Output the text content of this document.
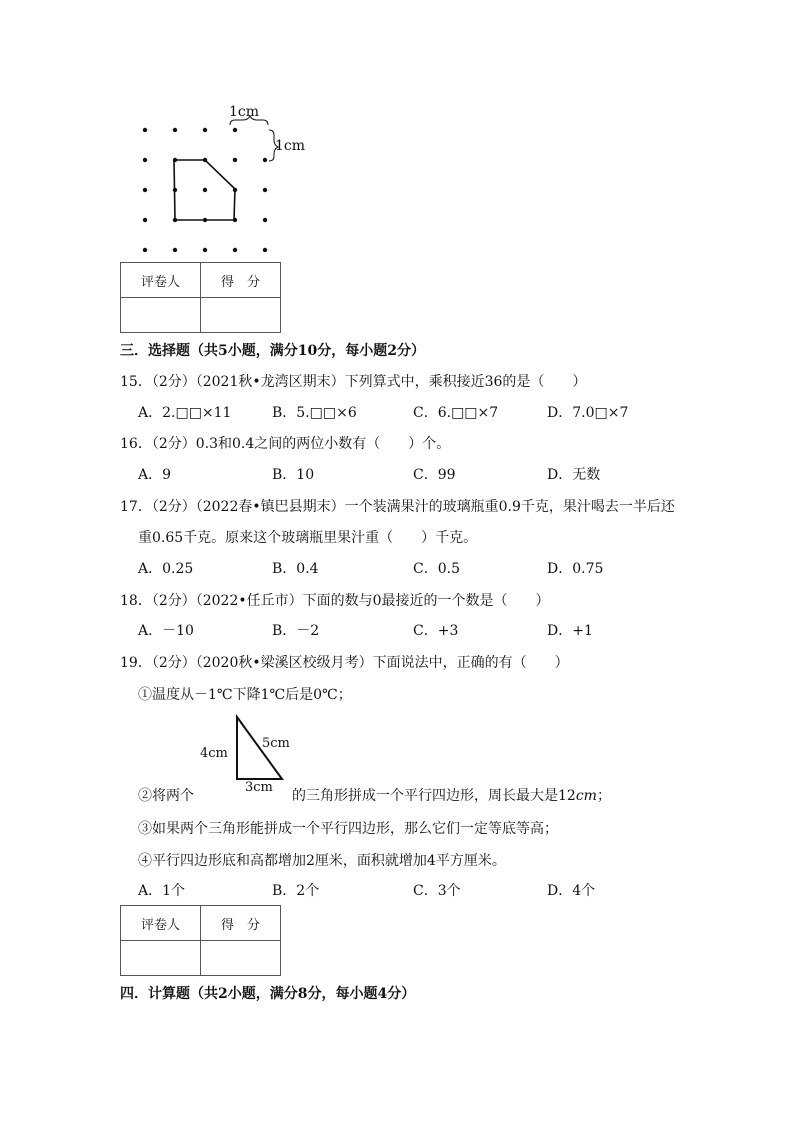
1cm
1cm
评卷人	得　分

三．选择题（共5小题，满分10分，每小题2分）
15．（2分）（2021秋•龙湾区期末）下列算式中，乘积接近36的是（　　）
A．2.□□×11	B．5.□□×6	C．6.□□×7	D．7.0□×7
16．（2分）0.3和0.4之间的两位小数有（　　）个。
A．9	B．10	C．99	D．无数
17．（2分）（2022春•镇巴县期末）一个装满果汁的玻璃瓶重0.9千克，果汁喝去一半后还
重0.65千克。原来这个玻璃瓶里果汁重（　　）千克。
A．0.25	B．0.4	C．0.5	D．0.75
18．（2分）（2022•任丘市）下面的数与0最接近的一个数是（　　）
A．－10	B．－2	C．+3	D．+1
19．（2分）（2020秋•梁溪区校级月考）下面说法中，正确的有（　　）
①温度从－1℃下降1℃后是0℃；
4cm
5cm
3cm
②将两个	的三角形拼成一个平行四边形，周长最大是12cm；
③如果两个三角形能拼成一个平行四边形，那么它们一定等底等高；
④平行四边形底和高都增加2厘米，面积就增加4平方厘米。
A．1个	B．2个	C．3个	D．4个
评卷人	得　分

四．计算题（共2小题，满分8分，每小题4分）
